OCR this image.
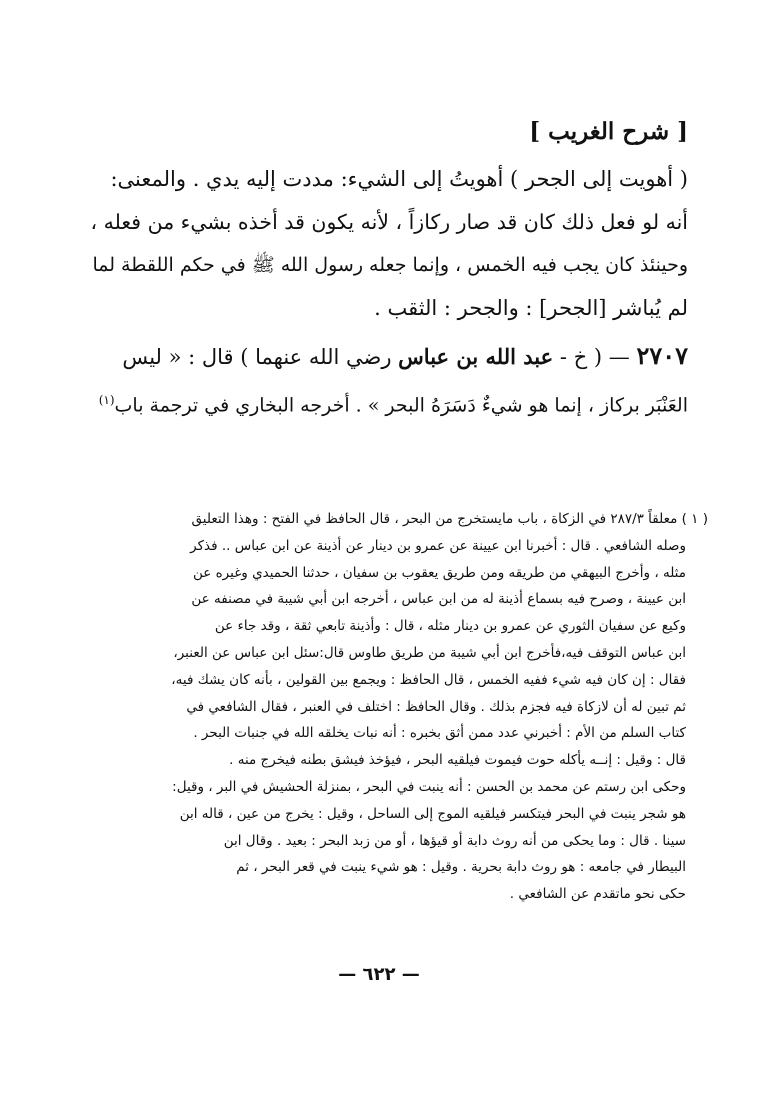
[ شرح الغريب ]
( أهويت إلى الجحر ) أهويتُ إلى الشيء: مددت إليه يدي . والمعنى:
أنه لو فعل ذلك كان قد صار ركازاً ، لأنه يكون قد أخذه بشيء من فعله ،
وحينئذ كان يجب فيه الخمس ، وإنما جعله رسول الله ﷺ في حكم اللقطة لما
لم يُباشر [الجحر] : والجحر : الثقب .
٢٧٠٧ — ( خ - عبد الله بن عباس رضي الله عنهما ) قال : « ليس
العَنْبَر بركاز ، إنما هو شيءٌ دَسَرَهُ البحر » . أخرجه البخاري في ترجمة باب$^{(١)}$
( ١ ) معلقاً ٢٨٧/٣ في الزكاة ، باب مايستخرج من البحر ، قال الحافظ في الفتح : وهذا التعليق
وصله الشافعي . قال : أخبرنا ابن عيينة عن عمرو بن دينار عن أذينة عن ابن عباس .. فذكر
مثله ، وأخرج البيهقي من طريقه ومن طريق يعقوب بن سفيان ، حدثنا الحميدي وغيره عن
ابن عيينة ، وصرح فيه بسماع أذينة له من ابن عباس ، أخرجه ابن أبي شيبة في مصنفه عن
وكيع عن سفيان الثوري عن عمرو بن دينار مثله ، قال : وأذينة تابعي ثقة ، وقد جاء عن
ابن عباس التوقف فيه،فأخرج ابن أبي شيبة من طريق طاوس قال:سئل ابن عباس عن العنبر،
فقال : إن كان فيه شيء ففيه الخمس ، قال الحافظ : ويجمع بين القولين ، بأنه كان يشك فيه،
ثم تبين له أن لازكاة فيه فجزم بذلك . وقال الحافظ : اختلف في العنبر ، فقال الشافعي في
كتاب السلم من الأم : أخبرني عدد ممن أثق بخبره : أنه نبات يخلقه الله في جنبات البحر .
قال : وقيل : إنــه يأكله حوت فيموت فيلقيه البحر ، فيؤخذ فيشق بطنه فيخرج منه .
وحكى ابن رستم عن محمد بن الحسن : أنه ينبت في البحر ، بمنزلة الحشيش في البر ، وقيل:
هو شجر ينبت في البحر فيتكسر فيلقيه الموج إلى الساحل ، وقيل : يخرج من عين ، قاله ابن
سينا . قال : وما يحكى من أنه روث دابة أو قيؤها ، أو من زبد البحر : بعيد . وقال ابن
البيطار في جامعه : هو روث دابة بحرية . وقيل : هو شيء ينبت في قعر البحر ، ثم
حكى نحو ماتقدم عن الشافعي .
— ٦٢٢ —
